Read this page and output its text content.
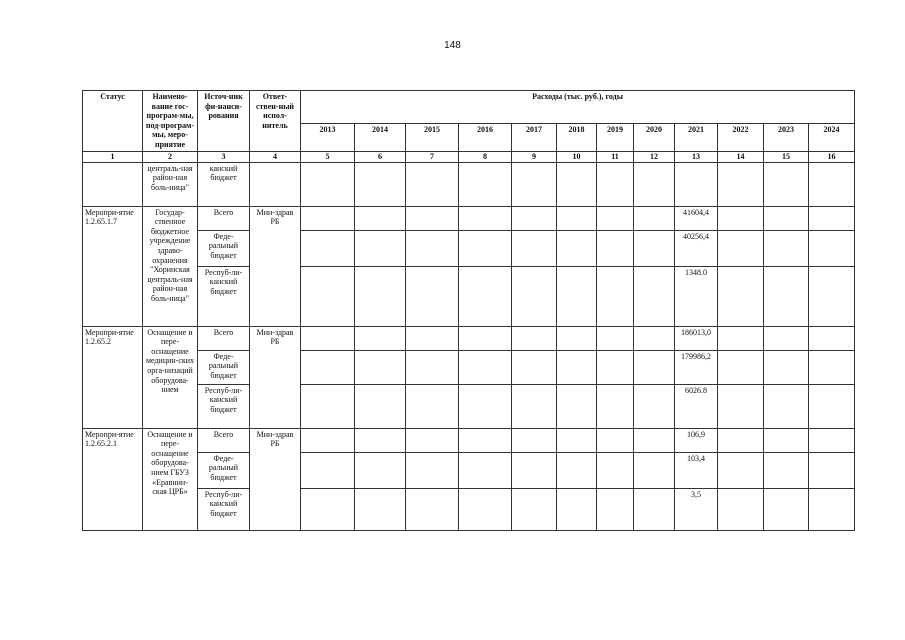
148
Статус	Наимено-вание гос-програм-мы, под-програм-мы, меро-приятие	Источ-ник фи-нанси-рования	Ответ-ствен-ный испол-нитель	Расходы (тыс. руб.), годы											
				2013	2014	2015	2016	2017	2018	2019	2020	2021	2022	2023	2024
1	2	3	4	5	6	7	8	9	10	11	12	13	14	15	16
	централь-ная район-ная боль-ница"	канский бюджет													
Меропри-ятие 1.2.65.1.7	Государ-ственное бюджетное учреждение здраво-охранения "Хоринская централь-ная район-ная боль-ница"	Всего	Мин-здрав РБ									41604,4			
		Феде-ральный бюджет										40256,4			
		Респуб-ли-канский бюджет										1348.0			
Меропри-ятие 1.2.65.2	Оснащение и пере-оснащение медицин-ских орга-низаций оборудова-нием	Всего	Мин-здрав РБ									186013,0			
		Феде-ральный бюджет										179986,2			
		Респуб-ли-канский бюджет										6026.8			
Меропри-ятие 1.2.65.2.1	Оснащение и пере-оснащение оборудова-нием ГБУЗ «Еравнин-ская ЦРБ»	Всего	Мин-здрав РБ									106,9			
		Феде-ральный бюджет										103,4			
		Респуб-ли-канский бюджет										3,5			
